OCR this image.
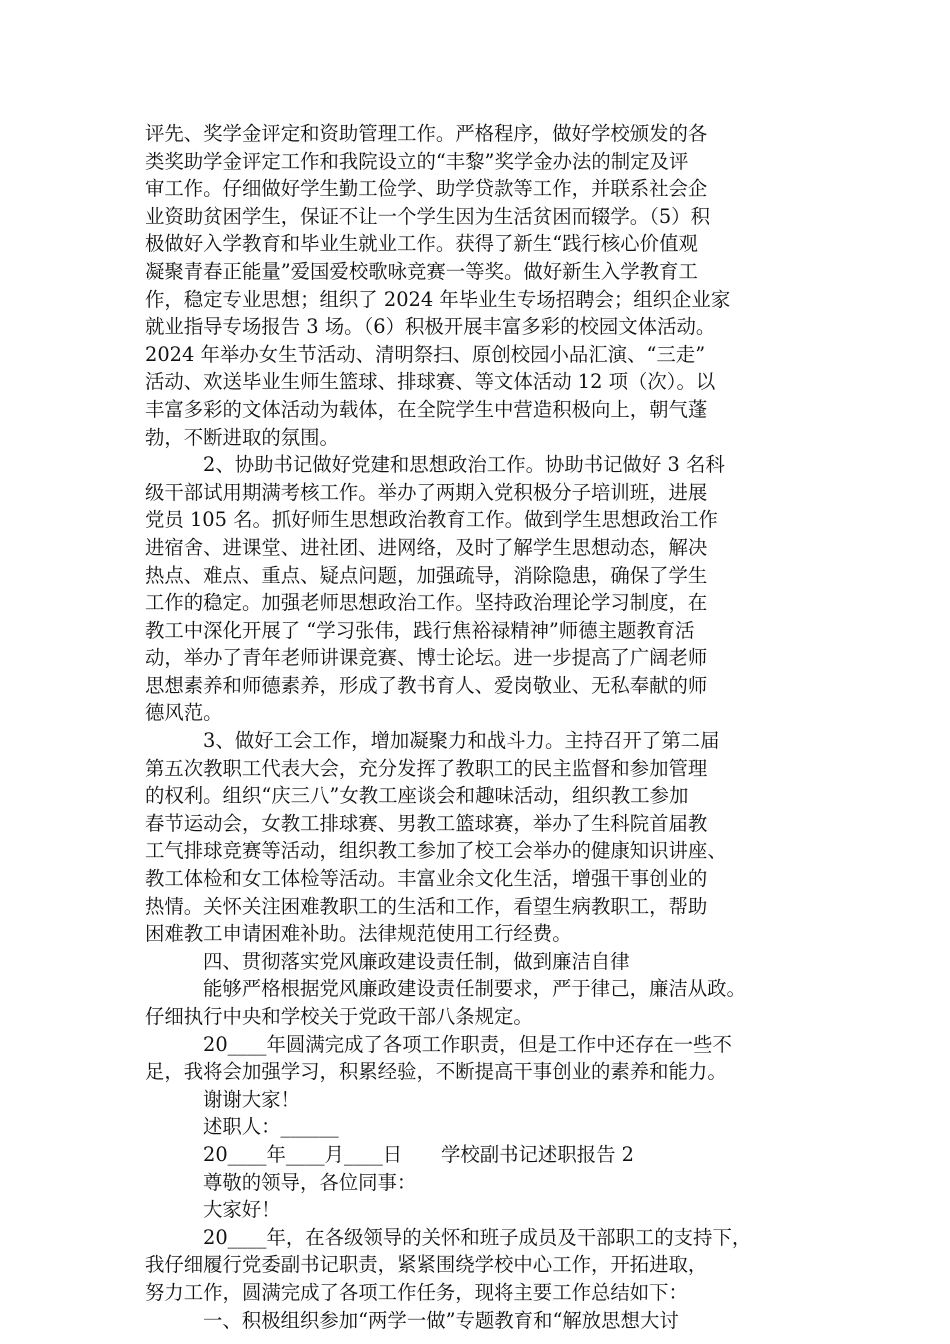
评先、奖学金评定和资助管理工作。严格程序，做好学校颁发的各
类奖助学金评定工作和我院设立的“丰黎”奖学金办法的制定及评
审工作。仔细做好学生勤工俭学、助学贷款等工作，并联系社会企
业资助贫困学生，保证不让一个学生因为生活贫困而辍学。（5）积
极做好入学教育和毕业生就业工作。获得了新生“践行核心价值观
凝聚青春正能量”爱国爱校歌咏竞赛一等奖。做好新生入学教育工
作，稳定专业思想；组织了 2024 年毕业生专场招聘会；组织企业家
就业指导专场报告 3 场。（6）积极开展丰富多彩的校园文体活动。
2024 年举办女生节活动、清明祭扫、原创校园小品汇演、“三走”
活动、欢送毕业生师生篮球、排球赛、等文体活动 12 项（次）。以
丰富多彩的文体活动为载体，在全院学生中营造积极向上，朝气蓬
勃，不断进取的氛围。
2、协助书记做好党建和思想政治工作。协助书记做好 3 名科
级干部试用期满考核工作。举办了两期入党积极分子培训班，进展
党员 105 名。抓好师生思想政治教育工作。做到学生思想政治工作
进宿舍、进课堂、进社团、进网络，及时了解学生思想动态，解决
热点、难点、重点、疑点问题，加强疏导，消除隐患，确保了学生
工作的稳定。加强老师思想政治工作。坚持政治理论学习制度，在
教工中深化开展了 “学习张伟，践行焦裕禄精神”师德主题教育活
动，举办了青年老师讲课竞赛、博士论坛。进一步提高了广阔老师
思想素养和师德素养，形成了教书育人、爱岗敬业、无私奉献的师
德风范。
3、做好工会工作，增加凝聚力和战斗力。主持召开了第二届
第五次教职工代表大会，充分发挥了教职工的民主监督和参加管理
的权利。组织“庆三八”女教工座谈会和趣味活动，组织教工参加
春节运动会，女教工排球赛、男教工篮球赛，举办了生科院首届教
工气排球竞赛等活动，组织教工参加了校工会举办的健康知识讲座、
教工体检和女工体检等活动。丰富业余文化生活，增强干事创业的
热情。关怀关注困难教职工的生活和工作，看望生病教职工，帮助
困难教工申请困难补助。法律规范使用工行经费。
四、贯彻落实党风廉政建设责任制，做到廉洁自律
能够严格根据党风廉政建设责任制要求，严于律己，廉洁从政。
仔细执行中央和学校关于党政干部八条规定。
20____年圆满完成了各项工作职责，但是工作中还存在一些不
足，我将会加强学习，积累经验，不断提高干事创业的素养和能力。
谢谢大家！
述职人：______
20____年____月____日　　学校副书记述职报告 2
尊敬的领导，各位同事：
大家好！
20____年，在各级领导的关怀和班子成员及干部职工的支持下，
我仔细履行党委副书记职责，紧紧围绕学校中心工作，开拓进取，
努力工作，圆满完成了各项工作任务，现将主要工作总结如下：
一、积极组织参加“两学一做”专题教育和“解放思想大讨
